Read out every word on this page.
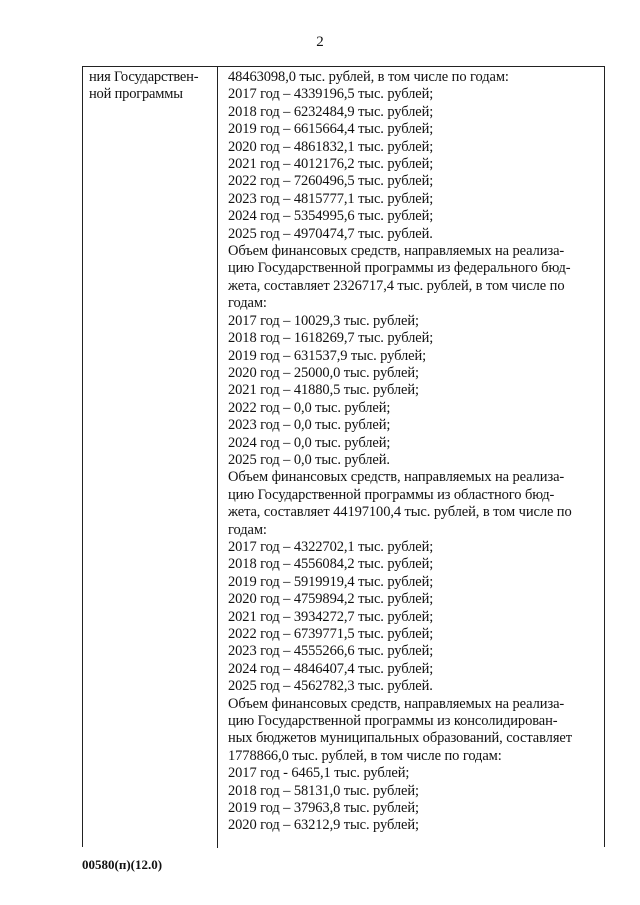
2
ния Государствен-
ной программы
48463098,0 тыс. рублей, в том числе по годам:
2017 год – 4339196,5 тыс. рублей;
2018 год – 6232484,9 тыс. рублей;
2019 год – 6615664,4 тыс. рублей;
2020 год – 4861832,1 тыс. рублей;
2021 год – 4012176,2 тыс. рублей;
2022 год – 7260496,5 тыс. рублей;
2023 год – 4815777,1 тыс. рублей;
2024 год – 5354995,6 тыс. рублей;
2025 год – 4970474,7 тыс. рублей.
Объем финансовых средств, направляемых на реализа-
цию Государственной программы из федерального бюд-
жета, составляет 2326717,4 тыс. рублей, в том числе по
годам:
2017 год – 10029,3 тыс. рублей;
2018 год – 1618269,7 тыс. рублей;
2019 год – 631537,9 тыс. рублей;
2020 год – 25000,0 тыс. рублей;
2021 год – 41880,5 тыс. рублей;
2022 год – 0,0 тыс. рублей;
2023 год – 0,0 тыс. рублей;
2024 год – 0,0 тыс. рублей;
2025 год – 0,0 тыс. рублей.
Объем финансовых средств, направляемых на реализа-
цию Государственной программы из областного бюд-
жета, составляет 44197100,4 тыс. рублей, в том числе по
годам:
2017 год – 4322702,1 тыс. рублей;
2018 год – 4556084,2 тыс. рублей;
2019 год – 5919919,4 тыс. рублей;
2020 год – 4759894,2 тыс. рублей;
2021 год – 3934272,7 тыс. рублей;
2022 год – 6739771,5 тыс. рублей;
2023 год – 4555266,6 тыс. рублей;
2024 год – 4846407,4 тыс. рублей;
2025 год – 4562782,3 тыс. рублей.
Объем финансовых средств, направляемых на реализа-
цию Государственной программы из консолидирован-
ных бюджетов муниципальных образований, составляет
1778866,0 тыс. рублей, в том числе по годам:
2017 год - 6465,1 тыс. рублей;
2018 год – 58131,0 тыс. рублей;
2019 год – 37963,8 тыс. рублей;
2020 год – 63212,9 тыс. рублей;
00580(п)(12.0)
